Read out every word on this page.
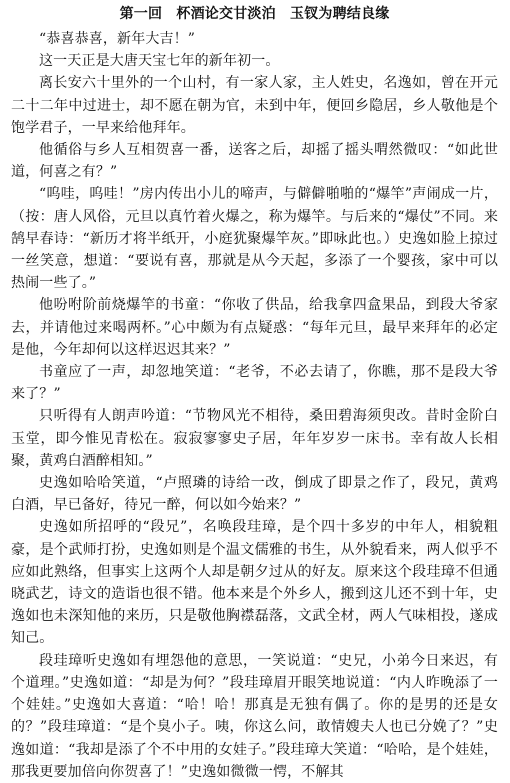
第一回　杯酒论交甘淡泊　玉钗为聘结良缘

“恭喜恭喜，新年大吉！”

这一天正是大唐天宝七年的新年初一。

离长安六十里外的一个山村，有一家人家，主人姓史，名逸如，曾在开元二十二年中过进士，却不愿在朝为官，未到中年，便回乡隐居，乡人敬他是个饱学君子，一早来给他拜年。

他循俗与乡人互相贺喜一番，送客之后，却摇了摇头喟然微叹：“如此世道，何喜之有？”

“呜哇，呜哇！”房内传出小儿的啼声，与僻僻啪啪的“爆竿”声闹成一片，（按：唐人风俗，元旦以真竹着火爆之，称为爆竿。与后来的“爆仗”不同。来鹄早春诗：“新历才将半纸开，小庭犹聚爆竿灰。”即咏此也。）史逸如脸上掠过一丝笑意，想道：“要说有喜，那就是从今天起，多添了一个婴孩，家中可以热闹一些了。”

他吩咐阶前烧爆竿的书童：“你收了供品，给我拿四盒果品，到段大爷家去，并请他过来喝两杯。”心中颇为有点疑惑：“每年元旦，最早来拜年的必定是他，今年却何以这样迟迟其来？”

书童应了一声，却忽地笑道：“老爷，不必去请了，你瞧，那不是段大爷来了？”

只听得有人朗声吟道：“节物风光不相待，桑田碧海须臾改。昔时金阶白玉堂，即今惟见青松在。寂寂寥寥史子居，年年岁岁一床书。幸有故人长相聚，黄鸡白酒醉相知。”

史逸如哈哈笑道，“卢照璘的诗给一改，倒成了即景之作了，段兄，黄鸡白酒，早已备好，待兄一醉，何以如今始来？”

史逸如所招呼的“段兄”，名唤段珪璋，是个四十多岁的中年人，相貌粗豪，是个武师打扮，史逸如则是个温文儒雅的书生，从外貌看来，两人似乎不应如此熟络，但事实上这两个人却是朝夕过从的好友。原来这个段珪璋不但通晓武艺，诗文的造诣也很不错。他本来是个外乡人，搬到这儿还不到十年，史逸如也未深知他的来历，只是敬他胸襟磊落，文武全材，两人气味相投，遂成知己。

段珪璋听史逸如有埋怨他的意思，一笑说道：“史兄，小弟今日来迟，有个道理。”史逸如道：“却是为何？”段珪璋眉开眼笑地说道：“内人昨晚添了一个娃娃。”史逸如大喜道：“哈！哈！那真是无独有偶了。你的是男的还是女的？”段珪璋道：“是个臭小子。咦，你这么问，敢情嫂夫人也已分娩了？”史逸如道：“我却是添了个不中用的女娃子。”段珪璋大笑道：“哈哈，是个娃娃，那我更要加倍向你贺喜了！”史逸如微微一愕，不解其
